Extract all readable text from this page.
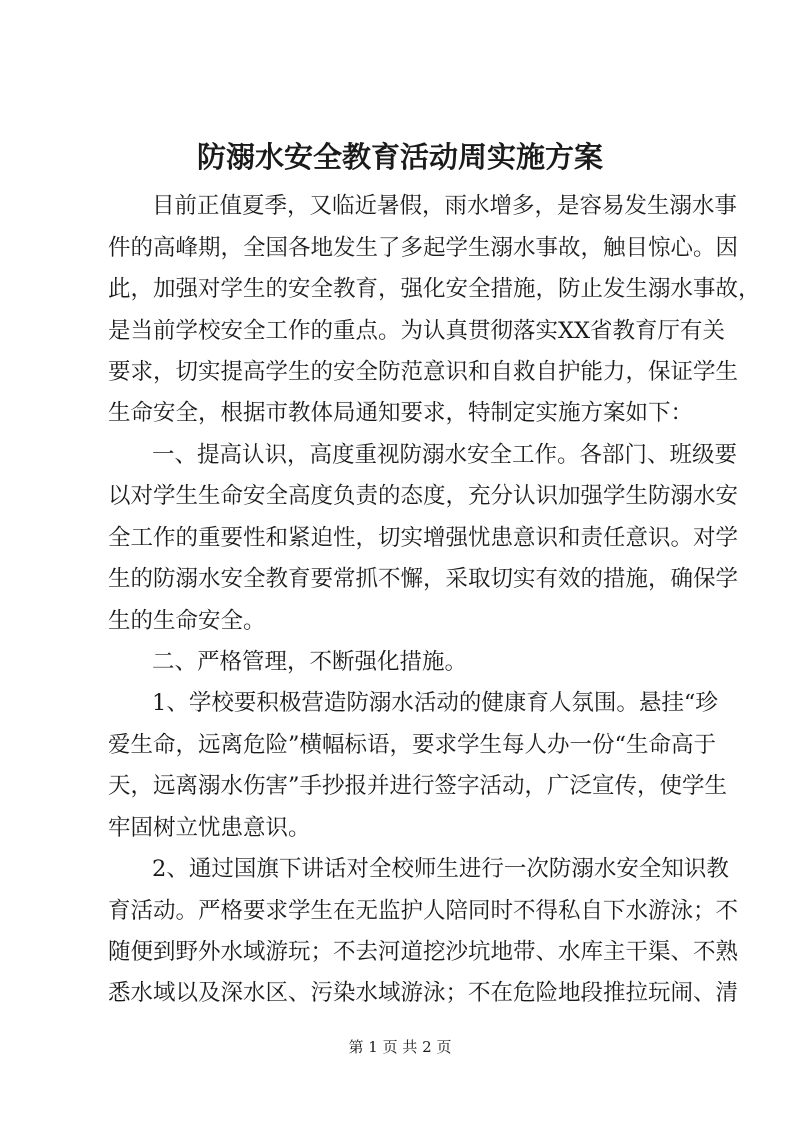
防溺水安全教育活动周实施方案

目前正值夏季，又临近暑假，雨水增多，是容易发生溺水事

件的高峰期，全国各地发生了多起学生溺水事故，触目惊心。因

此，加强对学生的安全教育，强化安全措施，防止发生溺水事故，

是当前学校安全工作的重点。为认真贯彻落实XX省教育厅有关

要求，切实提高学生的安全防范意识和自救自护能力，保证学生

生命安全，根据市教体局通知要求，特制定实施方案如下：

一、提高认识，高度重视防溺水安全工作。各部门、班级要

以对学生生命安全高度负责的态度，充分认识加强学生防溺水安

全工作的重要性和紧迫性，切实增强忧患意识和责任意识。对学

生的防溺水安全教育要常抓不懈，采取切实有效的措施，确保学

生的生命安全。

二、严格管理，不断强化措施。

1、学校要积极营造防溺水活动的健康育人氛围。悬挂“珍

爱生命，远离危险”横幅标语，要求学生每人办一份“生命高于

天，远离溺水伤害”手抄报并进行签字活动，广泛宣传，使学生

牢固树立忧患意识。

2、通过国旗下讲话对全校师生进行一次防溺水安全知识教

育活动。严格要求学生在无监护人陪同时不得私自下水游泳；不

随便到野外水域游玩；不去河道挖沙坑地带、水库主干渠、不熟

悉水域以及深水区、污染水域游泳；不在危险地段推拉玩闹、清

第 1 页 共 2 页
